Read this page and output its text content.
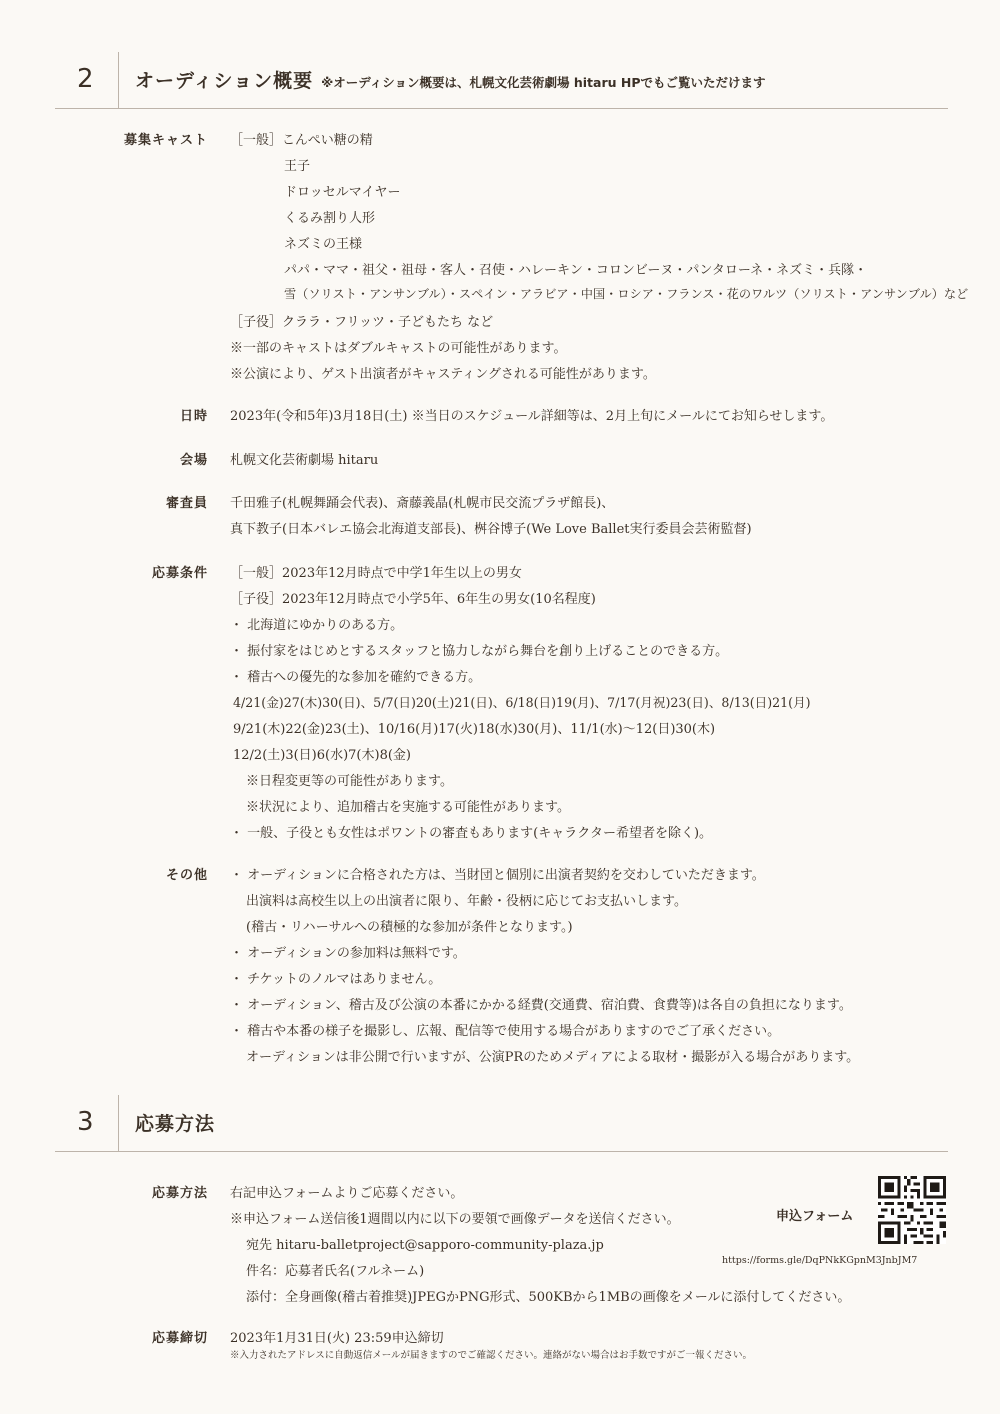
2 オーディション概要 ※オーディション概要は、札幌文化芸術劇場 hitaru HPでもご覧いただけます
募集キャスト ［一般］こんぺい糖の精
王子
ドロッセルマイヤー
くるみ割り人形
ネズミの王様
パパ・ママ・祖父・祖母・客人・召使・ハレーキン・コロンビーヌ・パンタローネ・ネズミ・兵隊・
雪（ソリスト・アンサンブル）・スペイン・アラビア・中国・ロシア・フランス・花のワルツ（ソリスト・アンサンブル）など
［子役］クララ・フリッツ・子どもたち など
※一部のキャストはダブルキャストの可能性があります。
※公演により、ゲスト出演者がキャスティングされる可能性があります。
日時 2023年(令和5年)3月18日(土) ※当日のスケジュール詳細等は、2月上旬にメールにてお知らせします。
会場 札幌文化芸術劇場 hitaru
審査員 千田雅子(札幌舞踊会代表)、斎藤義晶(札幌市民交流プラザ館長)、
真下教子(日本バレエ協会北海道支部長)、桝谷博子(We Love Ballet実行委員会芸術監督)
応募条件 ［一般］2023年12月時点で中学1年生以上の男女
［子役］2023年12月時点で小学5年、6年生の男女(10名程度)
・ 北海道にゆかりのある方。
・ 振付家をはじめとするスタッフと協力しながら舞台を創り上げることのできる方。
・ 稽古への優先的な参加を確約できる方。
4/21(金)27(木)30(日)、5/7(日)20(土)21(日)、6/18(日)19(月)、7/17(月祝)23(日)、8/13(日)21(月)
9/21(木)22(金)23(土)、10/16(月)17(火)18(水)30(月)、11/1(水)〜12(日)30(木)
12/2(土)3(日)6(水)7(木)8(金)
※日程変更等の可能性があります。
※状況により、追加稽古を実施する可能性があります。
・ 一般、子役とも女性はポワントの審査もあります(キャラクター希望者を除く)。
その他 ・ オーディションに合格された方は、当財団と個別に出演者契約を交わしていただきます。
出演料は高校生以上の出演者に限り、年齢・役柄に応じてお支払いします。
(稽古・リハーサルへの積極的な参加が条件となります。)
・ オーディションの参加料は無料です。
・ チケットのノルマはありません。
・ オーディション、稽古及び公演の本番にかかる経費(交通費、宿泊費、食費等)は各自の負担になります。
・ 稽古や本番の様子を撮影し、広報、配信等で使用する場合がありますのでご了承ください。
オーディションは非公開で行いますが、公演PRのためメディアによる取材・撮影が入る場合があります。
3 応募方法
応募方法 右記申込フォームよりご応募ください。
※申込フォーム送信後1週間以内に以下の要領で画像データを送信ください。
宛先 hitaru-balletproject@sapporo-community-plaza.jp
件名：応募者氏名(フルネーム)
添付：全身画像(稽古着推奨)JPEGかPNG形式、500KBから1MBの画像をメールに添付してください。
申込フォーム
https://forms.gle/DqPNkKGpnM3JnbJM7
応募締切 2023年1月31日(火) 23:59申込締切
※入力されたアドレスに自動返信メールが届きますのでご確認ください。連絡がない場合はお手数ですがご一報ください。
